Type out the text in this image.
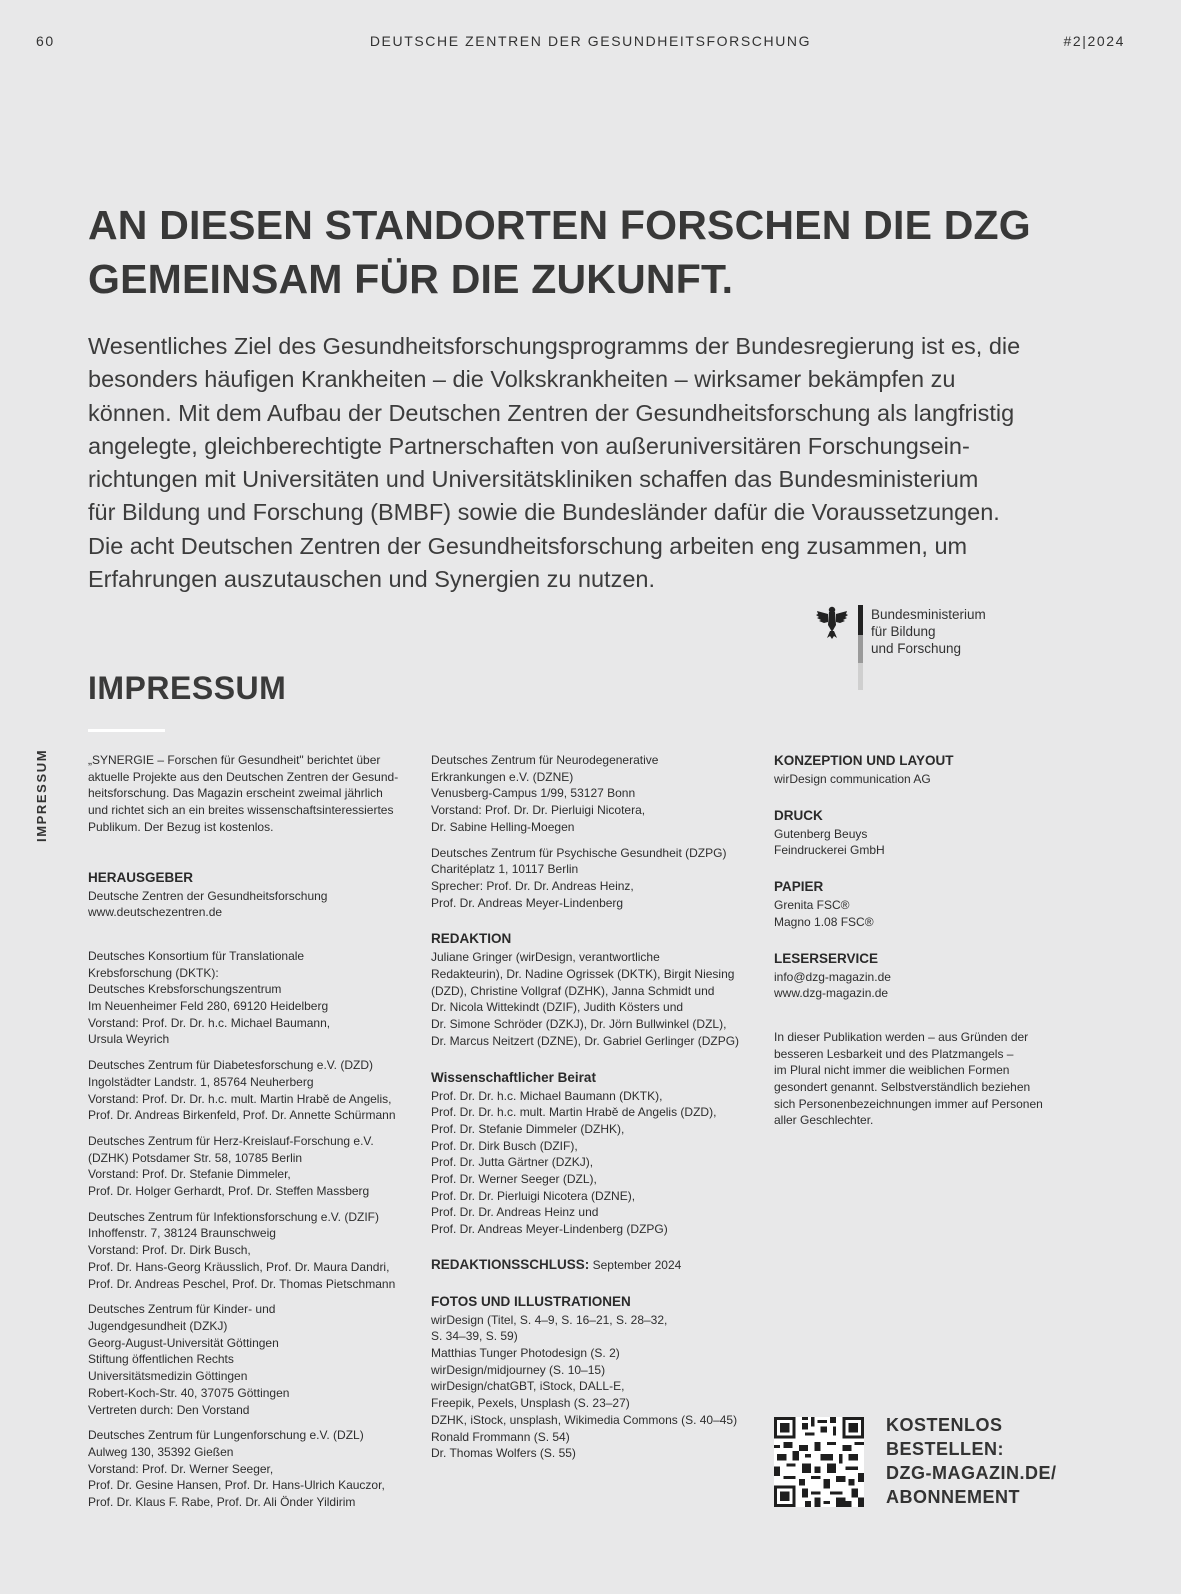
60	DEUTSCHE ZENTREN DER GESUNDHEITSFORSCHUNG	#2|2024
AN DIESEN STANDORTEN FORSCHEN DIE DZG
GEMEINSAM FÜR DIE ZUKUNFT.

Wesentliches Ziel des Gesundheitsforschungsprogramms der Bundesregierung ist es, die
besonders häufigen Krankheiten – die Volkskrankheiten – wirksamer bekämpfen zu
können. Mit dem Aufbau der Deutschen Zentren der Gesundheitsforschung als langfristig
angelegte, gleichberechtigte Partnerschaften von außeruniversitären Forschungsein-
richtungen mit Universitäten und Universitätskliniken schaffen das Bundesministerium
für Bildung und Forschung (BMBF) sowie die Bundesländer dafür die Voraussetzungen.
Die acht Deutschen Zentren der Gesundheitsforschung arbeiten eng zusammen, um
Erfahrungen auszutauschen und Synergien zu nutzen.

Bundesministerium
für Bildung
und Forschung
IMPRESSUM
IMPRESSUM	„SYNERGIE – Forschen für Gesundheit" berichtet über
aktuelle Projekte aus den Deutschen Zentren der Gesund-
heitsforschung. Das Magazin erscheint zweimal jährlich
und richtet sich an ein breites wissenschaftsinteressiertes
Publikum. Der Bezug ist kostenlos.
HERAUSGEBER
Deutsche Zentren der Gesundheitsforschung
www.deutschezentren.de
Deutsches Konsortium für Translationale
Krebsforschung (DKTK):
Deutsches Krebsforschungszentrum
Im Neuenheimer Feld 280, 69120 Heidelberg
Vorstand: Prof. Dr. Dr. h.c. Michael Baumann,
Ursula Weyrich
Deutsches Zentrum für Diabetesforschung e.V. (DZD)
Ingolstädter Landstr. 1, 85764 Neuherberg
Vorstand: Prof. Dr. Dr. h.c. mult. Martin Hrabě de Angelis,
Prof. Dr. Andreas Birkenfeld, Prof. Dr. Annette Schürmann
Deutsches Zentrum für Herz-Kreislauf-Forschung e.V.
(DZHK) Potsdamer Str. 58, 10785 Berlin
Vorstand: Prof. Dr. Stefanie Dimmeler,
Prof. Dr. Holger Gerhardt, Prof. Dr. Steffen Massberg
Deutsches Zentrum für Infektionsforschung e.V. (DZIF)
Inhoffenstr. 7, 38124 Braunschweig
Vorstand: Prof. Dr. Dirk Busch,
Prof. Dr. Hans-Georg Kräusslich, Prof. Dr. Maura Dandri,
Prof. Dr. Andreas Peschel, Prof. Dr. Thomas Pietschmann
Deutsches Zentrum für Kinder- und
Jugendgesundheit (DZKJ)
Georg-August-Universität Göttingen
Stiftung öffentlichen Rechts
Universitätsmedizin Göttingen
Robert-Koch-Str. 40, 37075 Göttingen
Vertreten durch: Den Vorstand
Deutsches Zentrum für Lungenforschung e.V. (DZL)
Aulweg 130, 35392 Gießen
Vorstand: Prof. Dr. Werner Seeger,
Prof. Dr. Gesine Hansen, Prof. Dr. Hans-Ulrich Kauczor,
Prof. Dr. Klaus F. Rabe, Prof. Dr. Ali Önder Yildirim
Deutsches Zentrum für Neurodegenerative
Erkrankungen e.V. (DZNE)
Venusberg-Campus 1/99, 53127 Bonn
Vorstand: Prof. Dr. Dr. Pierluigi Nicotera,
Dr. Sabine Helling-Moegen
Deutsches Zentrum für Psychische Gesundheit (DZPG)
Charitéplatz 1, 10117 Berlin
Sprecher: Prof. Dr. Dr. Andreas Heinz,
Prof. Dr. Andreas Meyer-Lindenberg
REDAKTION
Juliane Gringer (wirDesign, verantwortliche
Redakteurin), Dr. Nadine Ogrissek (DKTK), Birgit Niesing
(DZD), Christine Vollgraf (DZHK), Janna Schmidt und
Dr. Nicola Wittekindt (DZIF), Judith Kösters und
Dr. Simone Schröder (DZKJ), Dr. Jörn Bullwinkel (DZL),
Dr. Marcus Neitzert (DZNE), Dr. Gabriel Gerlinger (DZPG)
Wissenschaftlicher Beirat
Prof. Dr. Dr. h.c. Michael Baumann (DKTK),
Prof. Dr. Dr. h.c. mult. Martin Hrabě de Angelis (DZD),
Prof. Dr. Stefanie Dimmeler (DZHK),
Prof. Dr. Dirk Busch (DZIF),
Prof. Dr. Jutta Gärtner (DZKJ),
Prof. Dr. Werner Seeger (DZL),
Prof. Dr. Dr. Pierluigi Nicotera (DZNE),
Prof. Dr. Dr. Andreas Heinz und
Prof. Dr. Andreas Meyer-Lindenberg (DZPG)
REDAKTIONSSCHLUSS: September 2024
FOTOS UND ILLUSTRATIONEN
wirDesign (Titel, S. 4–9, S. 16–21, S. 28–32,
S. 34–39, S. 59)
Matthias Tunger Photodesign (S. 2)
wirDesign/midjourney (S. 10–15)
wirDesign/chatGBT, iStock, DALL-E,
Freepik, Pexels, Unsplash (S. 23–27)
DZHK, iStock, unsplash, Wikimedia Commons (S. 40–45)
Ronald Frommann (S. 54)
Dr. Thomas Wolfers (S. 55)
KONZEPTION UND LAYOUT
wirDesign communication AG
DRUCK
Gutenberg Beuys
Feindruckerei GmbH
PAPIER
Grenita FSC®
Magno 1.08 FSC®
LESERSERVICE
info@dzg-magazin.de
www.dzg-magazin.de
In dieser Publikation werden – aus Gründen der
besseren Lesbarkeit und des Platzmangels –
im Plural nicht immer die weiblichen Formen
gesondert genannt. Selbstverständlich beziehen
sich Personenbezeichnungen immer auf Personen
aller Geschlechter.
KOSTENLOS
BESTELLEN:
DZG-MAGAZIN.DE/
ABONNEMENT
